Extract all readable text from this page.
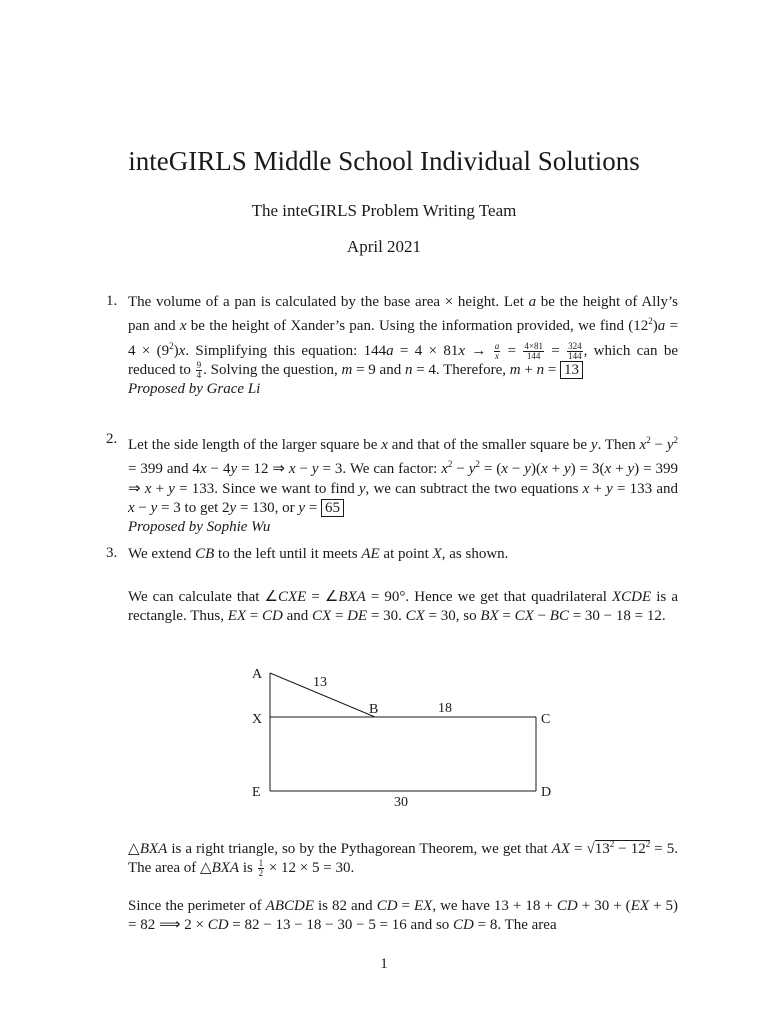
inteGIRLS Middle School Individual Solutions
The inteGIRLS Problem Writing Team
April 2021
1. The volume of a pan is calculated by the base area × height. Let a be the height of Ally’s pan and x be the height of Xander’s pan. Using the information provided, we find $(12^2)a = 4 \times (9^2)x$. Simplifying this equation: $144a = 4 \times 81x \to \frac{a}{x} = \frac{4\times 81}{144} = \frac{324}{144}$ , which can be reduced to $\frac{9}{4}$ . Solving the question, m = 9 and n = 4. Therefore, m + n = 13
Proposed by Grace Li
2. Let the side length of the larger square be x and that of the smaller square be y. Then $x^2 - y^2 = 399$ and 4x − 4y = 12 ⇒ x − y = 3. We can factor: $x^2 - y^2 = (x - y)(x + y) = 3(x + y) = 399$ ⇒ x + y = 133. Since we want to find y, we can subtract the two equations x + y = 133 and x − y = 3 to get 2y = 130, or y = 65
Proposed by Sophie Wu
3. We extend CB to the left until it meets AE at point X, as shown.
We can calculate that ∠CXE = ∠BXA = 90°. Hence we get that quadrilateral XCDE is a rectangle. Thus, EX = CD and CX = DE = 30. CX = 30, so BX = CX − BC = 30 − 18 = 12.
A
X
E
B
C
D
13
18
30
△BXA is a right triangle, so by the Pythagorean Theorem, we get that AX = $√13^2 - 12^2 = 5$. The area of △BXA is $\frac{1}{2} \times 12 \times 5 = 30$.
Since the perimeter of ABCDE is 82 and CD = EX, we have 13 + 18 + CD + 30 + (EX + 5) = 82 ⟹ 2 × CD = 82 − 13 − 18 − 30 − 5 = 16 and so CD = 8. The area
1
